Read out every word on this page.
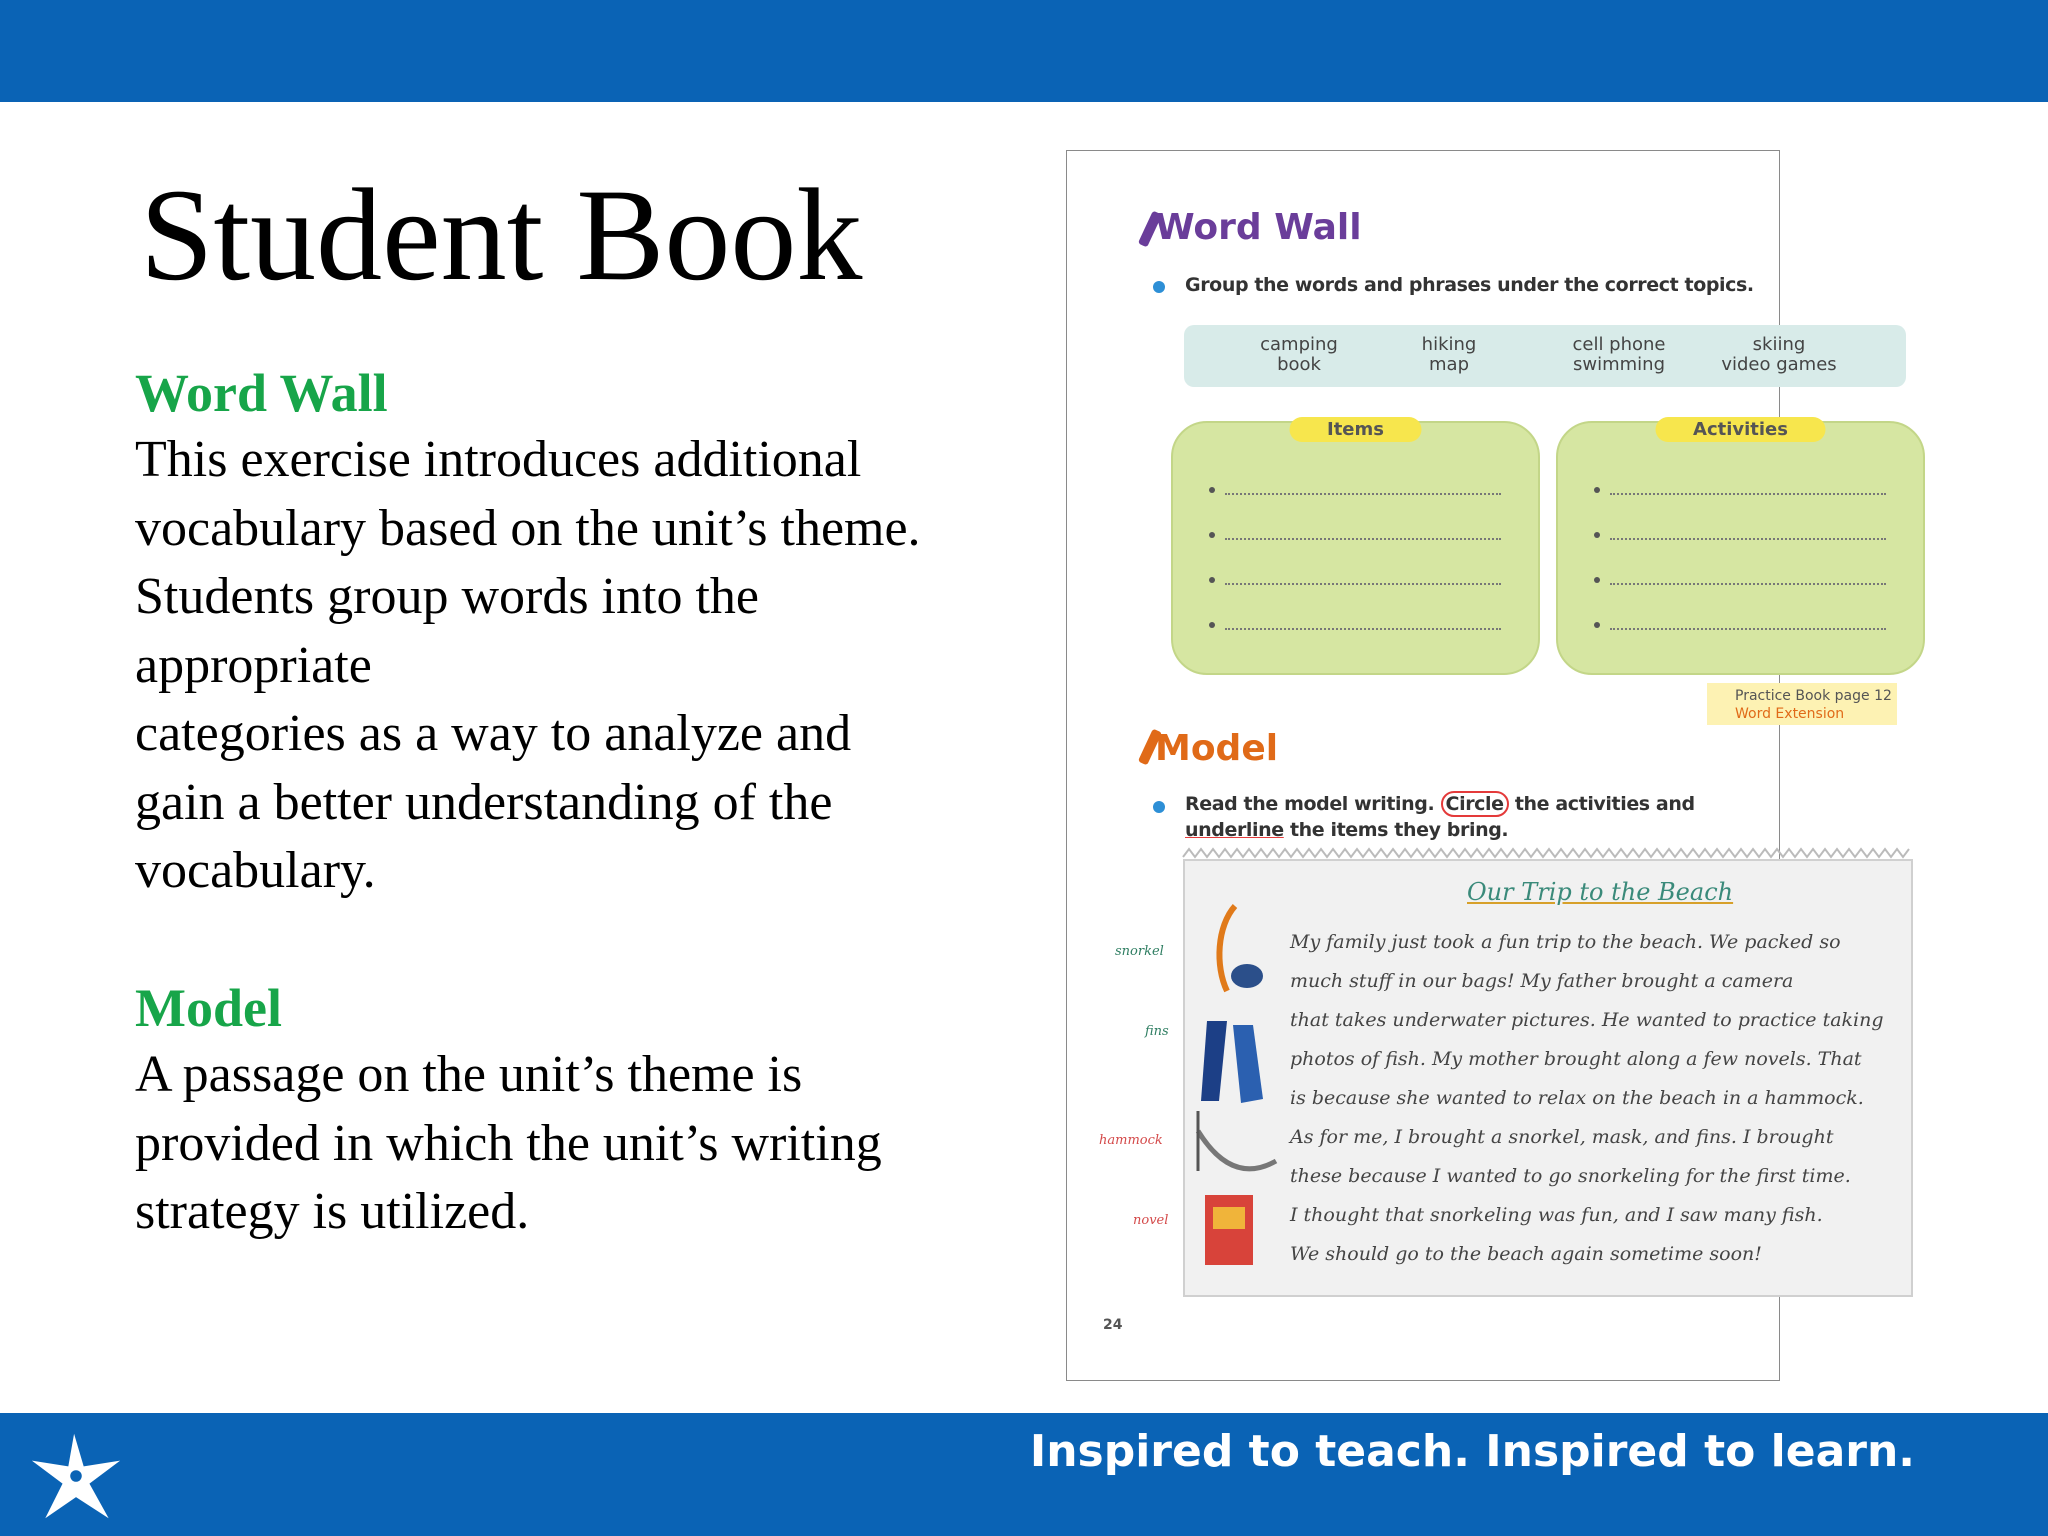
Student Book
Word Wall
This exercise introduces additional
vocabulary based on the unit’s theme.
Students group words into the
appropriate
categories as a way to analyze and
gain a better understanding of the
vocabulary.
Model
A passage on the unit’s theme is
provided in which the unit’s writing
strategy is utilized.
Word Wall
Group the words and phrases under the correct topics.
camping
book
hiking
map
cell phone
swimming
skiing
video games
Items	Activities
Practice Book page 12
Word Extension
Model
Read the model writing. Circle the activities and underline the items they bring.
Our Trip to the Beach
My family just took a fun trip to the beach. We packed so
much stuff in our bags! My father brought a camera
that takes underwater pictures. He wanted to practice taking
photos of fish. My mother brought along a few novels. That
is because she wanted to relax on the beach in a hammock.
As for me, I brought a snorkel, mask, and fins. I brought
these because I wanted to go snorkeling for the first time.
I thought that snorkeling was fun, and I saw many fish.
We should go to the beach again sometime soon!
snorkel
fins
hammock
novel
24
Inspired to teach. Inspired to learn.
